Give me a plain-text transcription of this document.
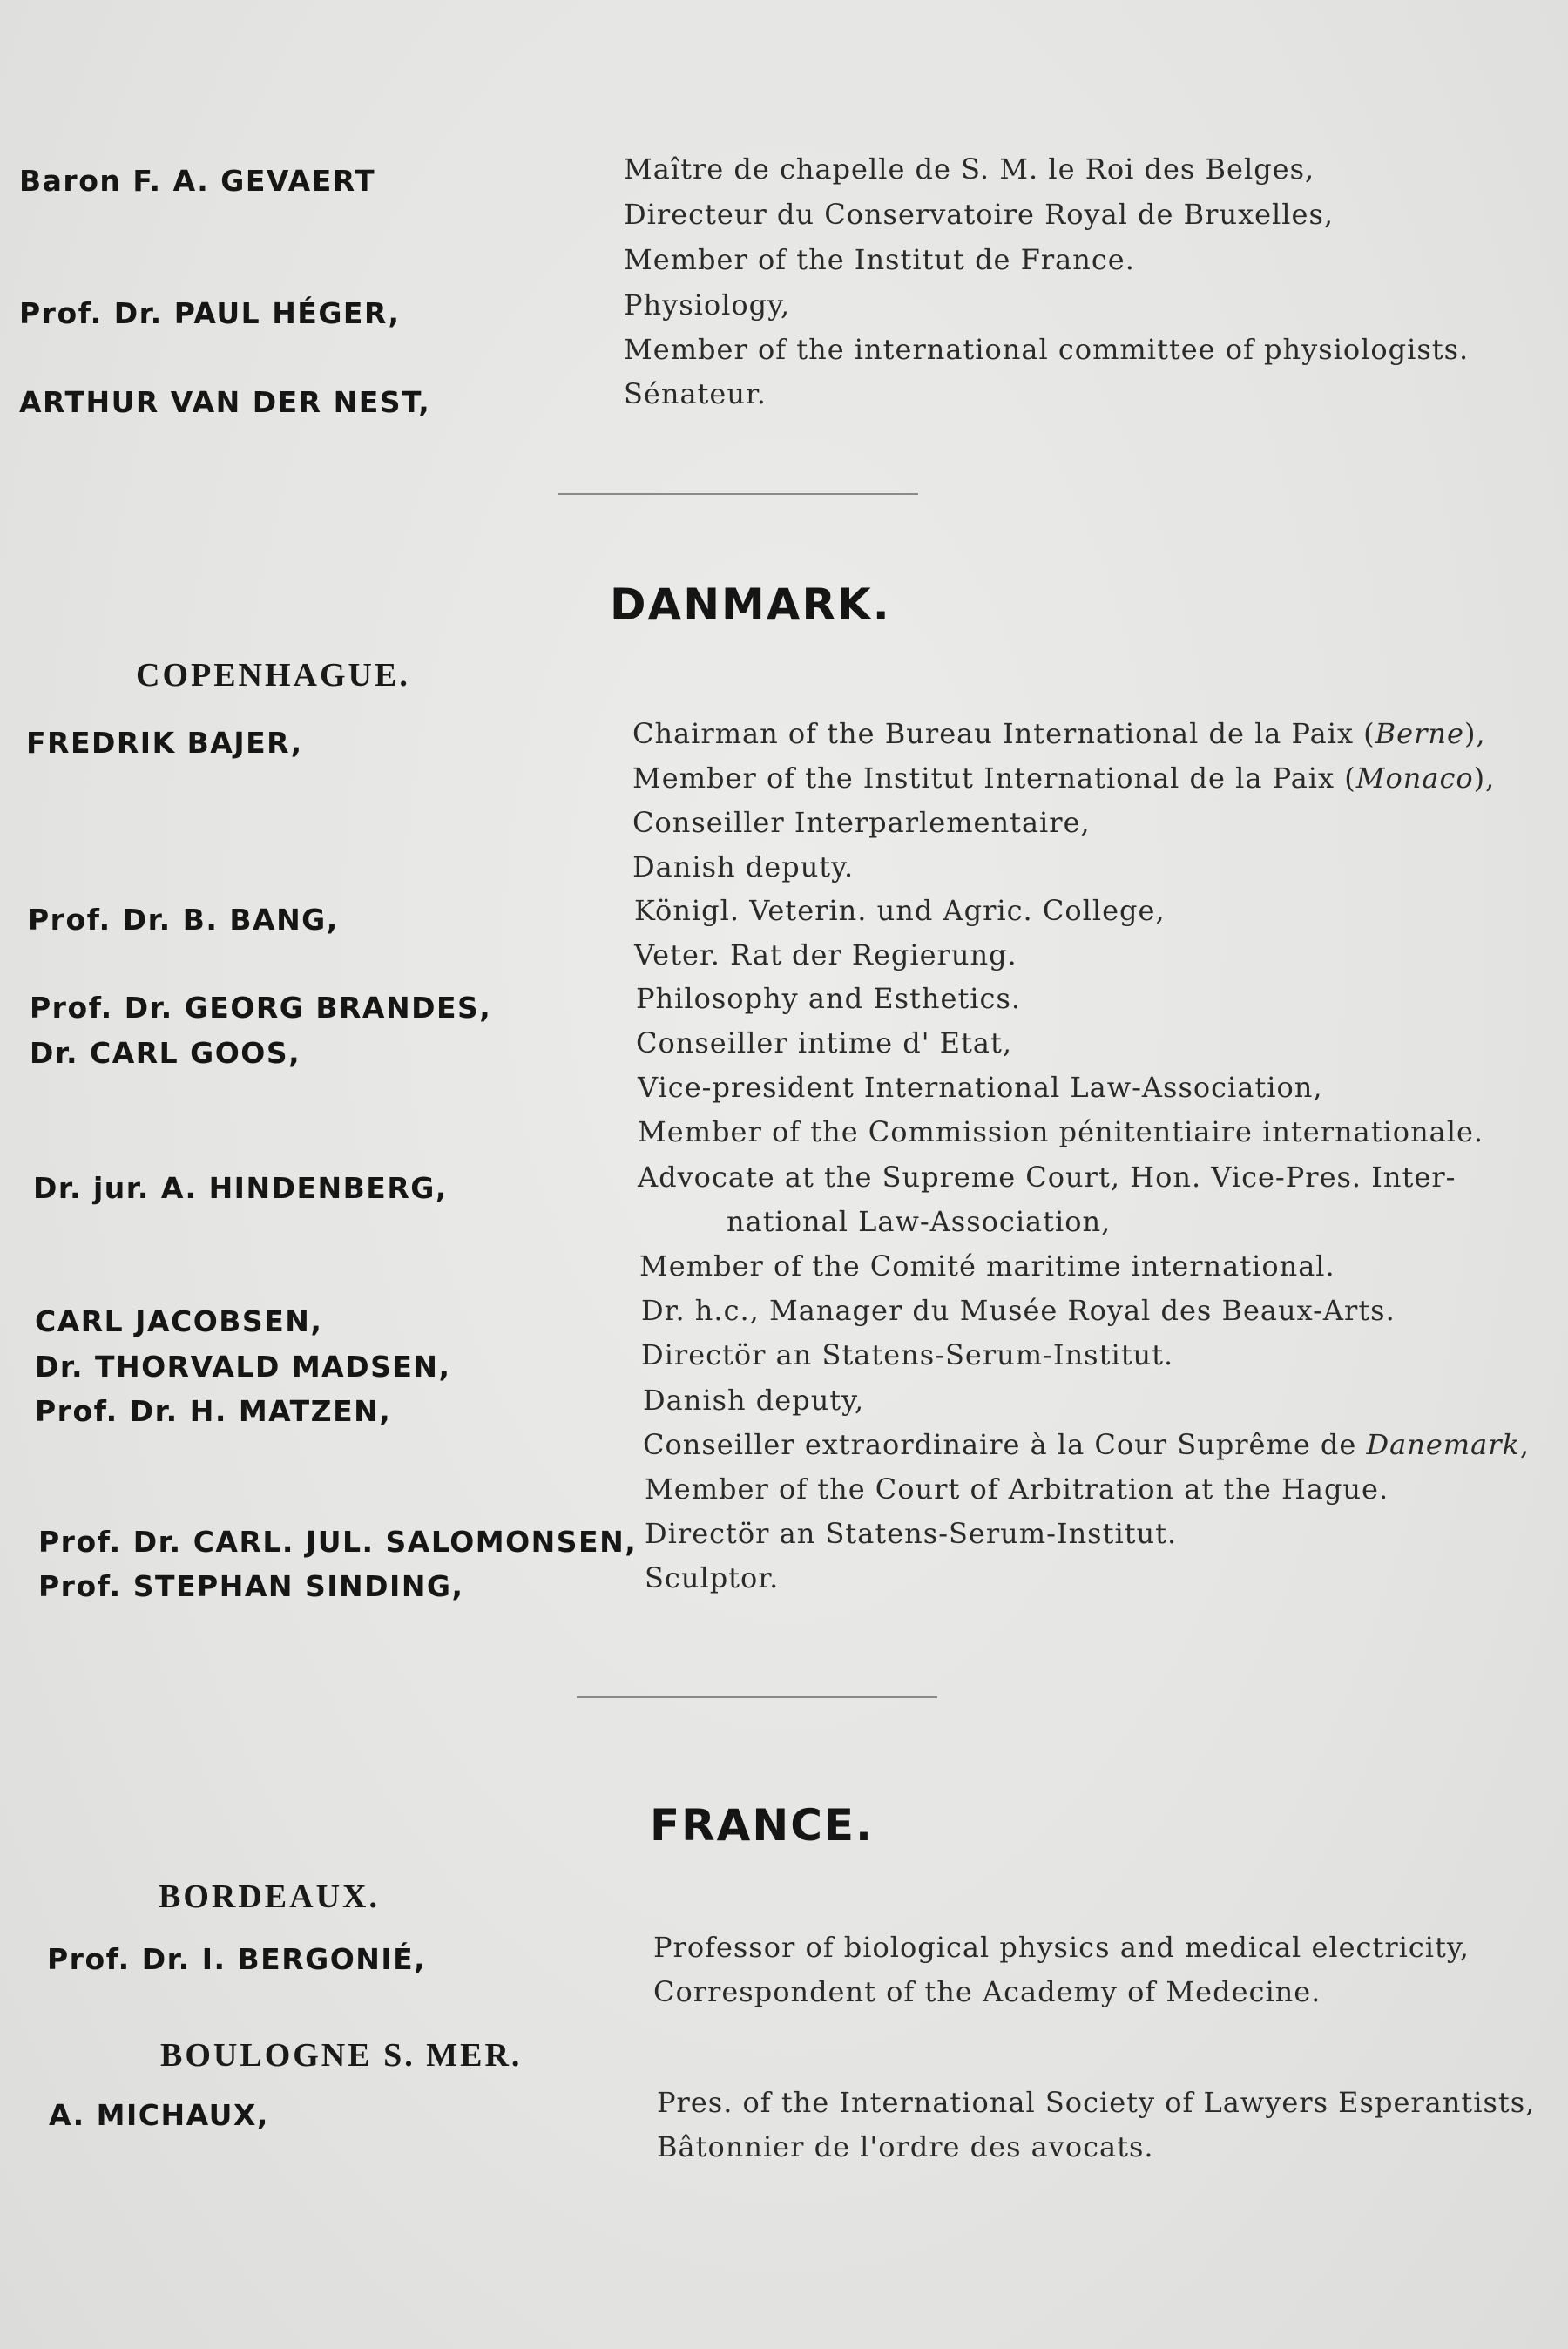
Baron F. A. GEVAERT	Maître de chapelle de S. M. le Roi des Belges,
Directeur du Conservatoire Royal de Bruxelles,
Member of the Institut de France.
Prof. Dr. PAUL HÉGER,	Physiology,
Member of the international committee of physiologists.
ARTHUR VAN DER NEST,	Sénateur.
DANMARK.
COPENHAGUE.
FREDRIK BAJER,	Chairman of the Bureau International de la Paix (Berne),
Member of the Institut International de la Paix (Monaco),
Conseiller Interparlementaire,
Danish deputy.
Prof. Dr. B. BANG,	Königl. Veterin. und Agric. College,
Veter. Rat der Regierung.
Prof. Dr. GEORG BRANDES,	Philosophy and Esthetics.
Dr. CARL GOOS,	Conseiller intime d' Etat,
Vice-president International Law-Association,
Member of the Commission pénitentiaire internationale.
Dr. jur. A. HINDENBERG,	Advocate at the Supreme Court, Hon. Vice-Pres. Inter-
national Law-Association,
Member of the Comité maritime international.
CARL JACOBSEN,	Dr. h.c., Manager du Musée Royal des Beaux-Arts.
Dr. THORVALD MADSEN,	Directör an Statens-Serum-Institut.
Prof. Dr. H. MATZEN,	Danish deputy,
Conseiller extraordinaire à la Cour Suprême de Danemark,
Member of the Court of Arbitration at the Hague.
Prof. Dr. CARL. JUL. SALOMONSEN, Directör an Statens-Serum-Institut.
Prof. STEPHAN SINDING,	Sculptor.
FRANCE.
BORDEAUX.
Prof. Dr. I. BERGONIÉ,	Professor of biological physics and medical electricity,
Correspondent of the Academy of Medecine.
BOULOGNE S. MER.
A. MICHAUX,	Pres. of the International Society of Lawyers Esperantists,
Bâtonnier de l'ordre des avocats.
